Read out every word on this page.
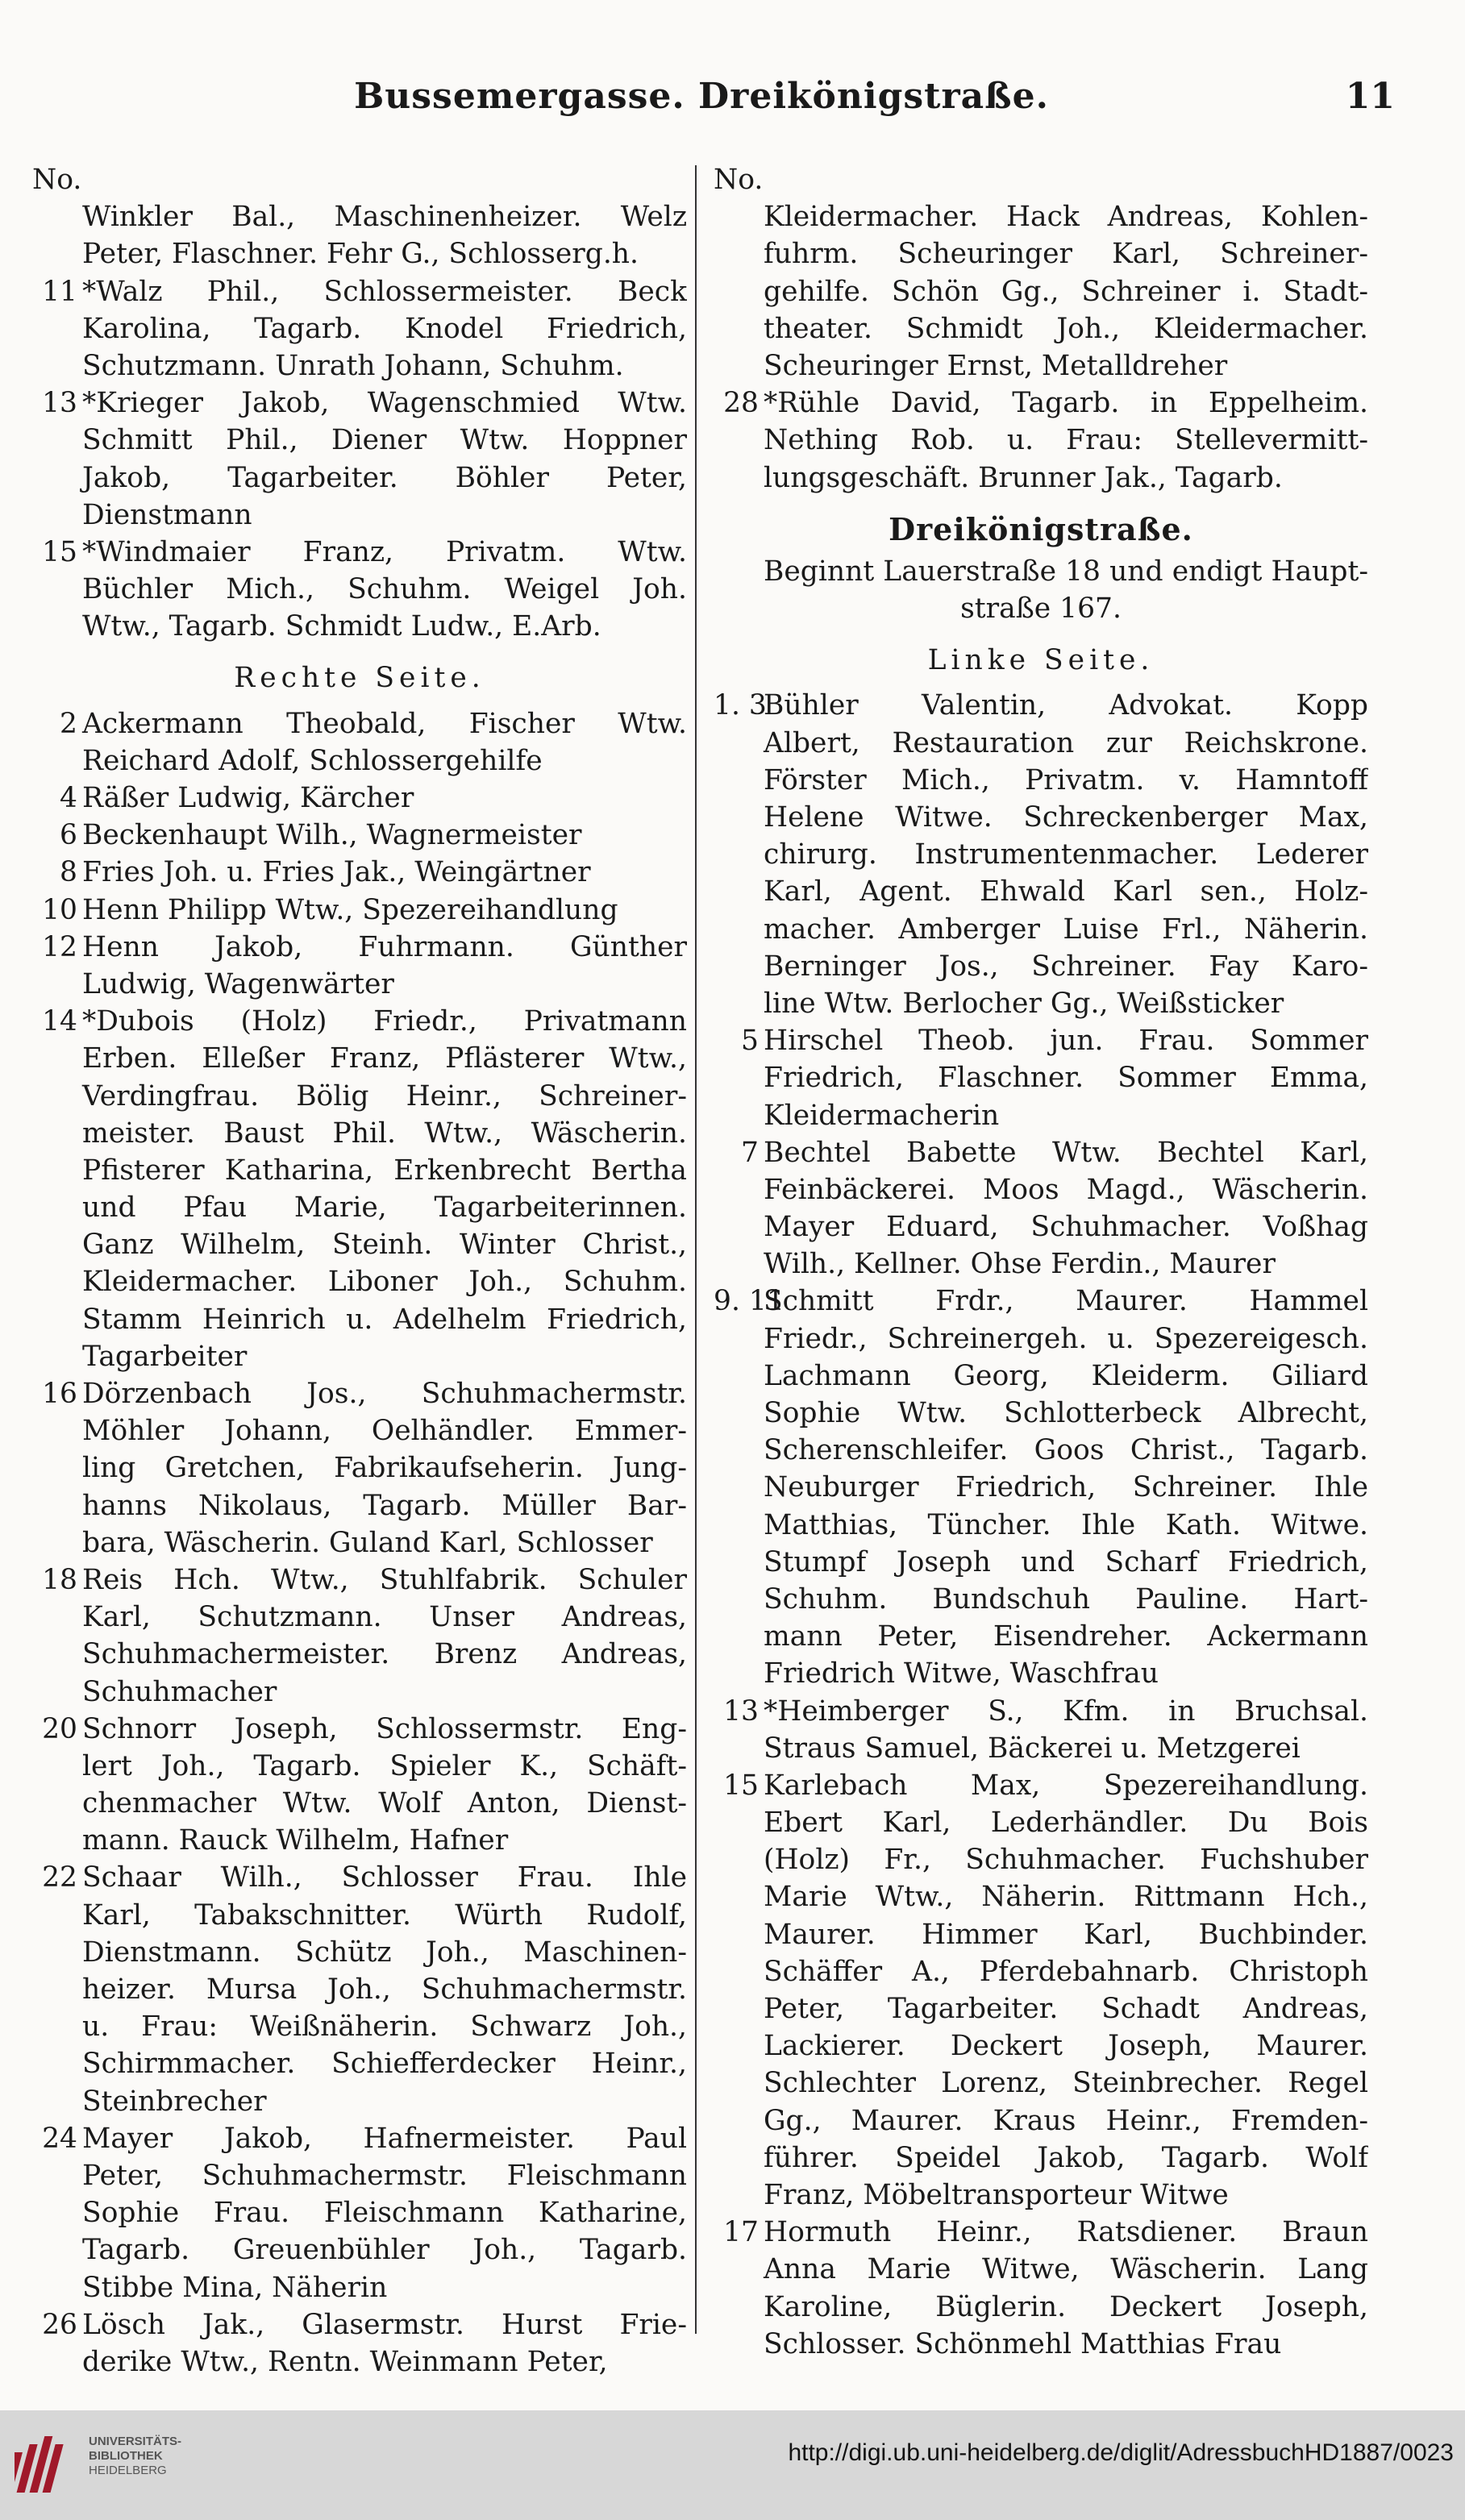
Bussemergasse. Dreikönigstraße.	11
No.
Winkler Bal., Maschinenheizer. Welz
Peter, Flaschner. Fehr G., Schlosserg.h.
11 *Walz Phil., Schlossermeister. Beck
Karolina, Tagarb. Knodel Friedrich,
Schutzmann. Unrath Johann, Schuhm.
13 *Krieger Jakob, Wagenschmied Wtw.
Schmitt Phil., Diener Wtw. Hoppner
Jakob, Tagarbeiter. Böhler Peter,
Dienstmann
15 *Windmaier Franz, Privatm. Wtw.
Büchler Mich., Schuhm. Weigel Joh.
Wtw., Tagarb. Schmidt Ludw., E.Arb.
Rechte Seite.
2 Ackermann Theobald, Fischer Wtw.
Reichard Adolf, Schlossergehilfe
4 Räßer Ludwig, Kärcher
6 Beckenhaupt Wilh., Wagnermeister
8 Fries Joh. u. Fries Jak., Weingärtner
10 Henn Philipp Wtw., Spezereihandlung
12 Henn Jakob, Fuhrmann. Günther
Ludwig, Wagenwärter
14 *Dubois (Holz) Friedr., Privatmann
Erben. Elleßer Franz, Pflästerer Wtw.,
Verdingfrau. Bölig Heinr., Schreiner-
meister. Baust Phil. Wtw., Wäscherin.
Pfisterer Katharina, Erkenbrecht Bertha
und Pfau Marie, Tagarbeiterinnen.
Ganz Wilhelm, Steinh. Winter Christ.,
Kleidermacher. Liboner Joh., Schuhm.
Stamm Heinrich u. Adelhelm Friedrich,
Tagarbeiter
16 Dörzenbach Jos., Schuhmachermstr.
Möhler Johann, Oelhändler. Emmer-
ling Gretchen, Fabrikaufseherin. Jung-
hanns Nikolaus, Tagarb. Müller Bar-
bara, Wäscherin. Guland Karl, Schlosser
18 Reis Hch. Wtw., Stuhlfabrik. Schuler
Karl, Schutzmann. Unser Andreas,
Schuhmachermeister. Brenz Andreas,
Schuhmacher
20 Schnorr Joseph, Schlossermstr. Eng-
lert Joh., Tagarb. Spieler K., Schäft-
chenmacher Wtw. Wolf Anton, Dienst-
mann. Rauck Wilhelm, Hafner
22 Schaar Wilh., Schlosser Frau. Ihle
Karl, Tabakschnitter. Würth Rudolf,
Dienstmann. Schütz Joh., Maschinen-
heizer. Mursa Joh., Schuhmachermstr.
u. Frau: Weißnäherin. Schwarz Joh.,
Schirmmacher. Schiefferdecker Heinr.,
Steinbrecher
24 Mayer Jakob, Hafnermeister. Paul
Peter, Schuhmachermstr. Fleischmann
Sophie Frau. Fleischmann Katharine,
Tagarb. Greuenbühler Joh., Tagarb.
Stibbe Mina, Näherin
26 Lösch Jak., Glasermstr. Hurst Frie-
derike Wtw., Rentn. Weinmann Peter,
No.
Kleidermacher. Hack Andreas, Kohlen-
fuhrm. Scheuringer Karl, Schreiner-
gehilfe. Schön Gg., Schreiner i. Stadt-
theater. Schmidt Joh., Kleidermacher.
Scheuringer Ernst, Metalldreher
28 *Rühle David, Tagarb. in Eppelheim.
Nething Rob. u. Frau: Stellevermitt-
lungsgeschäft. Brunner Jak., Tagarb.
Dreikönigstraße.
Beginnt Lauerstraße 18 und endigt Haupt-
straße 167.
Linke Seite.
1. 3
Bühler Valentin, Advokat. Kopp
Albert, Restauration zur Reichskrone.
Förster Mich., Privatm. v. Hamntoff
Helene Witwe. Schreckenberger Max,
chirurg. Instrumentenmacher. Lederer
Karl, Agent. Ehwald Karl sen., Holz-
macher. Amberger Luise Frl., Näherin.
Berninger Jos., Schreiner. Fay Karo-
line Wtw. Berlocher Gg., Weißsticker
5 Hirschel Theob. jun. Frau. Sommer
Friedrich, Flaschner. Sommer Emma,
Kleidermacherin
7 Bechtel Babette Wtw. Bechtel Karl,
Feinbäckerei. Moos Magd., Wäscherin.
Mayer Eduard, Schuhmacher. Voßhag
Wilh., Kellner. Ohse Ferdin., Maurer
9. 11
Schmitt Frdr., Maurer. Hammel
Friedr., Schreinergeh. u. Spezereigesch.
Lachmann Georg, Kleiderm. Giliard
Sophie Wtw. Schlotterbeck Albrecht,
Scherenschleifer. Goos Christ., Tagarb.
Neuburger Friedrich, Schreiner. Ihle
Matthias, Tüncher. Ihle Kath. Witwe.
Stumpf Joseph und Scharf Friedrich,
Schuhm. Bundschuh Pauline. Hart-
mann Peter, Eisendreher. Ackermann
Friedrich Witwe, Waschfrau
13 *Heimberger S., Kfm. in Bruchsal.
Straus Samuel, Bäckerei u. Metzgerei
15 Karlebach Max, Spezereihandlung.
Ebert Karl, Lederhändler. Du Bois
(Holz) Fr., Schuhmacher. Fuchshuber
Marie Wtw., Näherin. Rittmann Hch.,
Maurer. Himmer Karl, Buchbinder.
Schäffer A., Pferdebahnarb. Christoph
Peter, Tagarbeiter. Schadt Andreas,
Lackierer. Deckert Joseph, Maurer.
Schlechter Lorenz, Steinbrecher. Regel
Gg., Maurer. Kraus Heinr., Fremden-
führer. Speidel Jakob, Tagarb. Wolf
Franz, Möbeltransporteur Witwe
17 Hormuth Heinr., Ratsdiener. Braun
Anna Marie Witwe, Wäscherin. Lang
Karoline, Büglerin. Deckert Joseph,
Schlosser. Schönmehl Matthias Frau
UNIVERSITÄTS-
BIBLIOTHEK
HEIDELBERG
http://digi.ub.uni-heidelberg.de/diglit/AdressbuchHD1887/0023
